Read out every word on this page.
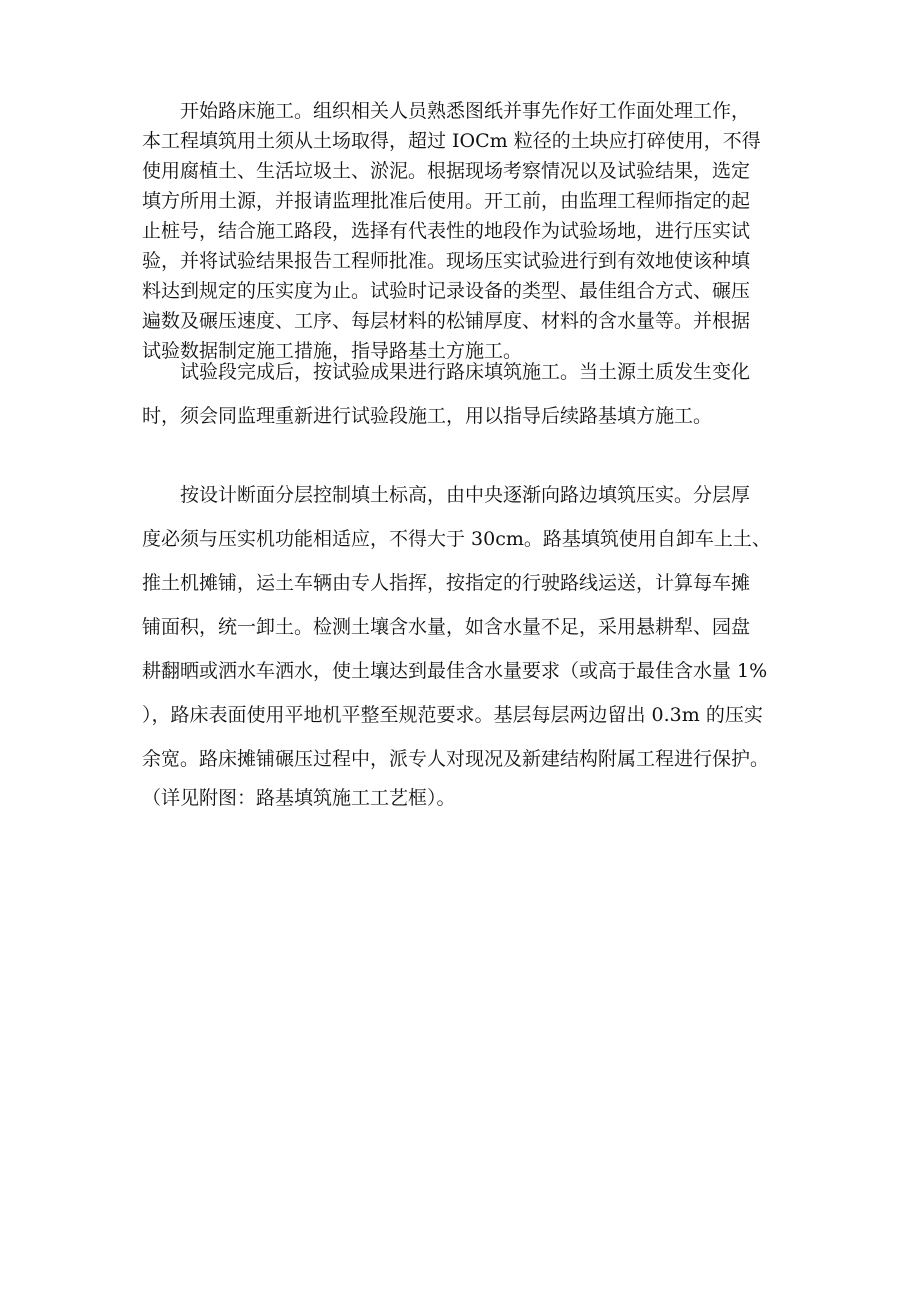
　　开始路床施工。组织相关人员熟悉图纸并事先作好工作面处理工作，
本工程填筑用土须从土场取得，超过 IOCm 粒径的土块应打碎使用，不得
使用腐植土、生活垃圾土、淤泥。根据现场考察情况以及试验结果，选定
填方所用土源，并报请监理批准后使用。开工前，由监理工程师指定的起
止桩号，结合施工路段，选择有代表性的地段作为试验场地，进行压实试
验，并将试验结果报告工程师批准。现场压实试验进行到有效地使该种填
料达到规定的压实度为止。试验时记录设备的类型、最佳组合方式、碾压
遍数及碾压速度、工序、每层材料的松铺厚度、材料的含水量等。并根据
试验数据制定施工措施，指导路基土方施工。
　　试验段完成后，按试验成果进行路床填筑施工。当土源土质发生变化
时，须会同监理重新进行试验段施工，用以指导后续路基填方施工。
　　按设计断面分层控制填土标高，由中央逐渐向路边填筑压实。分层厚
度必须与压实机功能相适应，不得大于 30cm。路基填筑使用自卸车上土、
推土机摊铺，运土车辆由专人指挥，按指定的行驶路线运送，计算每车摊
铺面积，统一卸土。检测土壤含水量，如含水量不足，采用悬耕犁、园盘
耕翻晒或洒水车洒水，使土壤达到最佳含水量要求（或高于最佳含水量 1%
），路床表面使用平地机平整至规范要求。基层每层两边留出 0.3m 的压实
余宽。路床摊铺碾压过程中，派专人对现况及新建结构附属工程进行保护。
（详见附图：路基填筑施工工艺框）。
